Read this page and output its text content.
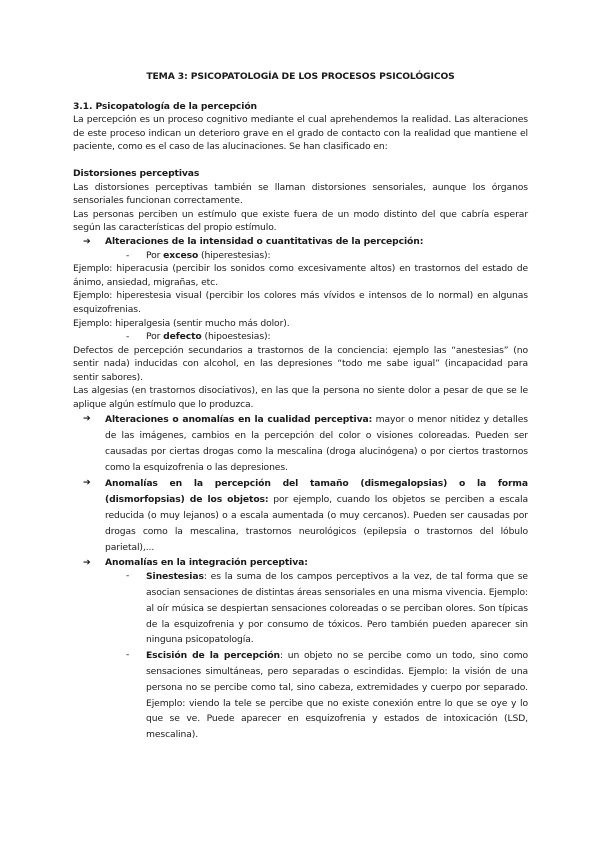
TEMA 3: PSICOPATOLOGÍA DE LOS PROCESOS PSICOLÓGICOS
3.1. Psicopatología de la percepción

La percepción es un proceso cognitivo mediante el cual aprehendemos la realidad. Las alteraciones de este proceso indican un deterioro grave en el grado de contacto con la realidad que mantiene el paciente, como es el caso de las alucinaciones. Se han clasificado en:

Distorsiones perceptivas

Las distorsiones perceptivas también se llaman distorsiones sensoriales, aunque los órganos sensoriales funcionan correctamente.

Las personas perciben un estímulo que existe fuera de un modo distinto del que cabría esperar según las características del propio estímulo.

➔	Alteraciones de la intensidad o cuantitativas de la percepción:
-	Por exceso (hiperestesias):

Ejemplo: hiperacusia (percibir los sonidos como excesivamente altos) en trastornos del estado de ánimo, ansiedad, migrañas, etc.

Ejemplo: hiperestesia visual (percibir los colores más vívidos e intensos de lo normal) en algunas esquizofrenias.

Ejemplo: hiperalgesia (sentir mucho más dolor).

-	Por defecto (hipoestesias):

Defectos de percepción secundarios a trastornos de la conciencia: ejemplo las “anestesias” (no sentir nada) inducidas con alcohol, en las depresiones “todo me sabe igual” (incapacidad para sentir sabores).

Las algesias (en trastornos disociativos), en las que la persona no siente dolor a pesar de que se le aplique algún estímulo que lo produzca.

➔	Alteraciones o anomalías en la cualidad perceptiva: mayor o menor nitidez y detalles de las imágenes, cambios en la percepción del color o visiones coloreadas. Pueden ser causadas por ciertas drogas como la mescalina (droga alucinógena) o por ciertos trastornos como la esquizofrenia o las depresiones.
➔	Anomalías en la percepción del tamaño (dismegalopsias) o la forma (dismorfopsias) de los objetos: por ejemplo, cuando los objetos se perciben a escala reducida (o muy lejanos) o a escala aumentada (o muy cercanos). Pueden ser causadas por drogas como la mescalina, trastornos neurológicos (epilepsia o trastornos del lóbulo parietal),...
➔	Anomalías en la integración perceptiva:
-	Sinestesias: es la suma de los campos perceptivos a la vez, de tal forma que se asocian sensaciones de distintas áreas sensoriales en una misma vivencia. Ejemplo: al oír música se despiertan sensaciones coloreadas o se perciban olores. Son típicas de la esquizofrenia y por consumo de tóxicos. Pero también pueden aparecer sin ninguna psicopatología.
-	Escisión de la percepción: un objeto no se percibe como un todo, sino como sensaciones simultáneas, pero separadas o escindidas. Ejemplo: la visión de una persona no se percibe como tal, sino cabeza, extremidades y cuerpo por separado. Ejemplo: viendo la tele se percibe que no existe conexión entre lo que se oye y lo que se ve. Puede aparecer en esquizofrenia y estados de intoxicación (LSD, mescalina).
